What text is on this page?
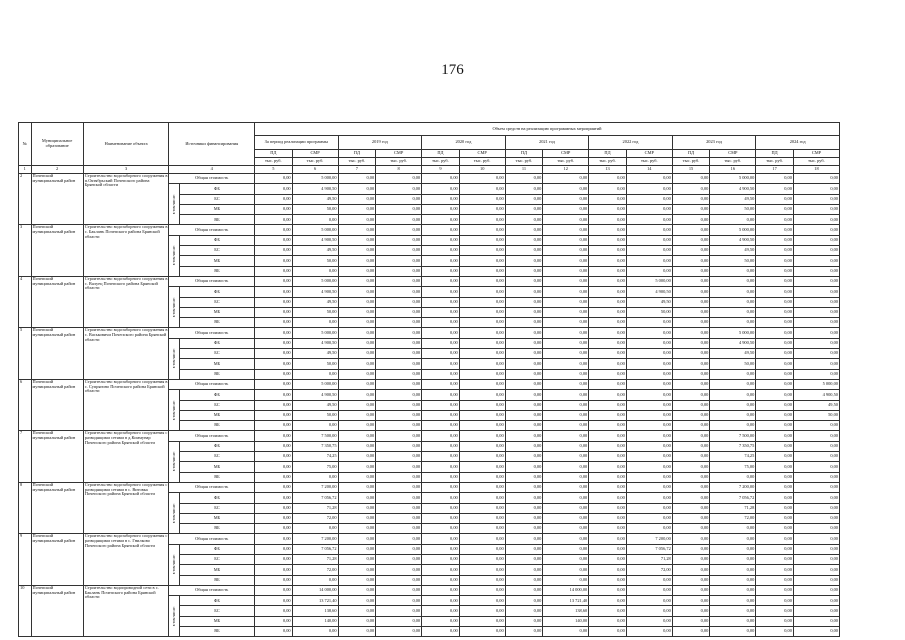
176
№	Муниципальное образование	Наименование объекта	Источники финансирования		Объем средств на реализацию программных мероприятий													
					За период реализации программы		2019 год		2020 год		2021 год		2022 год		2023 год		2024 год	
					ПД	СМР	ПД	СМР	ПД	СМР	ПД	СМР	ПД	СМР	ПД	СМР	ПД	СМР
					тыс. руб.	тыс. руб.	тыс. руб.	тыс. руб.	тыс. руб.	тыс. руб.	тыс. руб.	тыс. руб.	тыс. руб.	тыс. руб.	тыс. руб.	тыс. руб.	тыс. руб.	тыс. руб.
1	2	3	4		5	6	7	8	9	10	11	12	13	14	15	16	17	18
2	Почепский муниципальный район	Строительство водозаборного сооружения в п.Октябрьский Почепского района Брянской области	Общая стоимость		0,00	5 000,00	0,00	0,00	0,00	0,00	0,00	0,00	0,00	0,00	0,00	5 000,00	0,00	0,00
			в том числе:	ФБ	0,00	4 900,50	0,00	0,00	0,00	0,00	0,00	0,00	0,00	0,00	0,00	4 900,50	0,00	0,00
				БС	0,00	49,50	0,00	0,00	0,00	0,00	0,00	0,00	0,00	0,00	0,00	49,50	0,00	0,00
				МБ	0,00	50,00	0,00	0,00	0,00	0,00	0,00	0,00	0,00	0,00	0,00	50,00	0,00	0,00
				ВБ	0,00	0,00	0,00	0,00	0,00	0,00	0,00	0,00	0,00	0,00	0,00	0,00	0,00	0,00
3	Почепский муниципальный район	Строительство водозаборного сооружения в с. Бакланъ Почепского района Брянской области	Общая стоимость		0,00	5 000,00	0,00	0,00	0,00	0,00	0,00	0,00	0,00	0,00	0,00	5 000,00	0,00	0,00
			в том числе:	ФБ	0,00	4 900,50	0,00	0,00	0,00	0,00	0,00	0,00	0,00	0,00	0,00	4 900,50	0,00	0,00
				БС	0,00	49,50	0,00	0,00	0,00	0,00	0,00	0,00	0,00	0,00	0,00	49,50	0,00	0,00
				МБ	0,00	50,00	0,00	0,00	0,00	0,00	0,00	0,00	0,00	0,00	0,00	50,00	0,00	0,00
				ВБ	0,00	0,00	0,00	0,00	0,00	0,00	0,00	0,00	0,00	0,00	0,00	0,00	0,00	0,00
4	Почепский муниципальный район	Строительство водозаборного сооружения в с. Валуец Почепского района Брянской области	Общая стоимость		0,00	5 000,00	0,00	0,00	0,00	0,00	0,00	0,00	0,00	5 000,00	0,00	0,00	0,00	0,00
			в том числе:	ФБ	0,00	4 900,50	0,00	0,00	0,00	0,00	0,00	0,00	0,00	4 900,50	0,00	0,00	0,00	0,00
				БС	0,00	49,50	0,00	0,00	0,00	0,00	0,00	0,00	0,00	49,50	0,00	0,00	0,00	0,00
				МБ	0,00	50,00	0,00	0,00	0,00	0,00	0,00	0,00	0,00	50,00	0,00	0,00	0,00	0,00
				ВБ	0,00	0,00	0,00	0,00	0,00	0,00	0,00	0,00	0,00	0,00	0,00	0,00	0,00	0,00
5	Почепский муниципальный район	Строительство водозаборного сооружения в с. Васьковичи Почепского района Брянской области	Общая стоимость		0,00	5 000,00	0,00	0,00	0,00	0,00	0,00	0,00	0,00	0,00	0,00	5 000,00	0,00	0,00
			в том числе:	ФБ	0,00	4 900,50	0,00	0,00	0,00	0,00	0,00	0,00	0,00	0,00	0,00	4 900,50	0,00	0,00
				БС	0,00	49,50	0,00	0,00	0,00	0,00	0,00	0,00	0,00	0,00	0,00	49,50	0,00	0,00
				МБ	0,00	50,00	0,00	0,00	0,00	0,00	0,00	0,00	0,00	0,00	0,00	50,00	0,00	0,00
				ВБ	0,00	0,00	0,00	0,00	0,00	0,00	0,00	0,00	0,00	0,00	0,00	0,00	0,00	0,00
6	Почепский муниципальный район	Строительство водозаборного сооружения в с. Супрягино Почепского района Брянской области	Общая стоимость		0,00	5 000,00	0,00	0,00	0,00	0,00	0,00	0,00	0,00	0,00	0,00	0,00	0,00	5 000,00
			в том числе:	ФБ	0,00	4 900,50	0,00	0,00	0,00	0,00	0,00	0,00	0,00	0,00	0,00	0,00	0,00	4 900,50
				БС	0,00	49,50	0,00	0,00	0,00	0,00	0,00	0,00	0,00	0,00	0,00	0,00	0,00	49,50
				МБ	0,00	50,00	0,00	0,00	0,00	0,00	0,00	0,00	0,00	0,00	0,00	0,00	0,00	50,00
				ВБ	0,00	0,00	0,00	0,00	0,00	0,00	0,00	0,00	0,00	0,00	0,00	0,00	0,00	0,00
7	Почепский муниципальный район	Строительство водозаборного сооружения с разводящими сетями в д.Коммунар Почепского района Брянской области	Общая стоимость		0,00	7 500,00	0,00	0,00	0,00	0,00	0,00	0,00	0,00	0,00	0,00	7 500,00	0,00	0,00
			в том числе:	ФБ	0,00	7 350,75	0,00	0,00	0,00	0,00	0,00	0,00	0,00	0,00	0,00	7 350,75	0,00	0,00
				БС	0,00	74,25	0,00	0,00	0,00	0,00	0,00	0,00	0,00	0,00	0,00	74,25	0,00	0,00
				МБ	0,00	75,00	0,00	0,00	0,00	0,00	0,00	0,00	0,00	0,00	0,00	75,00	0,00	0,00
				ВБ	0,00	0,00	0,00	0,00	0,00	0,00	0,00	0,00	0,00	0,00	0,00	0,00	0,00	0,00
8	Почепский муниципальный район	Строительство водозаборного сооружения с разводящими сетями в с. Витовка Почепского района Брянской области	Общая стоимость		0,00	7 200,00	0,00	0,00	0,00	0,00	0,00	0,00	0,00	0,00	0,00	7 200,00	0,00	0,00
			в том числе:	ФБ	0,00	7 056,72	0,00	0,00	0,00	0,00	0,00	0,00	0,00	0,00	0,00	7 056,72	0,00	0,00
				БС	0,00	71,28	0,00	0,00	0,00	0,00	0,00	0,00	0,00	0,00	0,00	71,28	0,00	0,00
				МБ	0,00	72,00	0,00	0,00	0,00	0,00	0,00	0,00	0,00	0,00	0,00	72,00	0,00	0,00
				ВБ	0,00	0,00	0,00	0,00	0,00	0,00	0,00	0,00	0,00	0,00	0,00	0,00	0,00	0,00
9	Почепский муниципальный район	Строительство водозаборного сооружения с разводящими сетями в с. Гнилково Почепского района Брянской области	Общая стоимость		0,00	7 200,00	0,00	0,00	0,00	0,00	0,00	0,00	0,00	7 200,00	0,00	0,00	0,00	0,00
			в том числе:	ФБ	0,00	7 056,72	0,00	0,00	0,00	0,00	0,00	0,00	0,00	7 056,72	0,00	0,00	0,00	0,00
				БС	0,00	71,28	0,00	0,00	0,00	0,00	0,00	0,00	0,00	71,28	0,00	0,00	0,00	0,00
				МБ	0,00	72,00	0,00	0,00	0,00	0,00	0,00	0,00	0,00	72,00	0,00	0,00	0,00	0,00
				ВБ	0,00	0,00	0,00	0,00	0,00	0,00	0,00	0,00	0,00	0,00	0,00	0,00	0,00	0,00
10	Почепский муниципальный район	Строительство водопроводной сети в с. Бакланъ Почепского района Брянской области	Общая стоимость		0,00	14 000,00	0,00	0,00	0,00	0,00	0,00	14 000,00	0,00	0,00	0,00	0,00	0,00	0,00
			в том числе:	ФБ	0,00	13 721,40	0,00	0,00	0,00	0,00	0,00	13 721,40	0,00	0,00	0,00	0,00	0,00	0,00
				БС	0,00	138,60	0,00	0,00	0,00	0,00	0,00	138,60	0,00	0,00	0,00	0,00	0,00	0,00
				МБ	0,00	140,00	0,00	0,00	0,00	0,00	0,00	140,00	0,00	0,00	0,00	0,00	0,00	0,00
				ВБ	0,00	0,00	0,00	0,00	0,00	0,00	0,00	0,00	0,00	0,00	0,00	0,00	0,00	0,00
